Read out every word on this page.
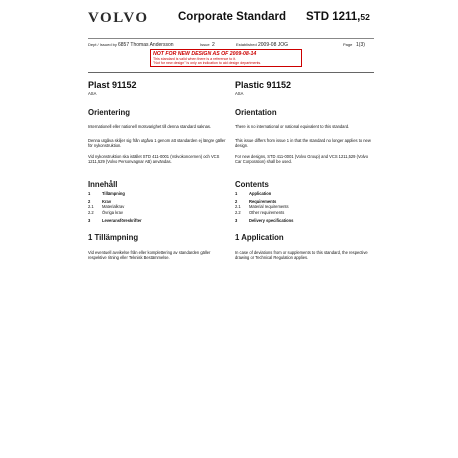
VOLVO	Corporate Standard STD 1211,52
Dept / Issued by 6857 Thomas Andersson	Issue 2	Established 2009-08 JOG	Page 1(3)
NOT FOR NEW DESIGN AS OF 2009-08-14
This standard is valid when there is a reference to it.
"Not for new design" is only an indication to aid design departments.
Plast 91152
ASA
Orientering
Internationell eller nationell motsvarighet till denna standard saknas.
Denna utgåva skiljer sig från utgåva 1 genom att standarden ej längre gäller för nykonstruktion.
Vid nykonstruktion ska istället STD 411-0001 (Volvokoncernen) och VCS 1211,529 (Volvo Personvagnar AB) användas.
Innehåll
1	Tillämpning
2	Krav
2.1	Materialkrav
2.2	Övriga krav
3	Leveransföreskrifter
1 Tillämpning
Vid eventuell avvikelse från eller komplettering av standarden gäller respektive ritning eller Teknisk Bestämmelse.
Plastic 91152
ASA
Orientation
There is no international or national equivalent to this standard.
This issue differs from issue 1 in that the standard no longer applies to new design.
For new designs, STD 411-0001 (Volvo Group) and VCS 1211,529 (Volvo Car Corporation) shall be used.
Contents
1	Application
2	Requirements
2.1	Material requirements
2.2	Other requirements
3	Delivery specifications
1 Application
In case of deviations from or supplements to this standard, the respective drawing or Technical Regulation applies.
